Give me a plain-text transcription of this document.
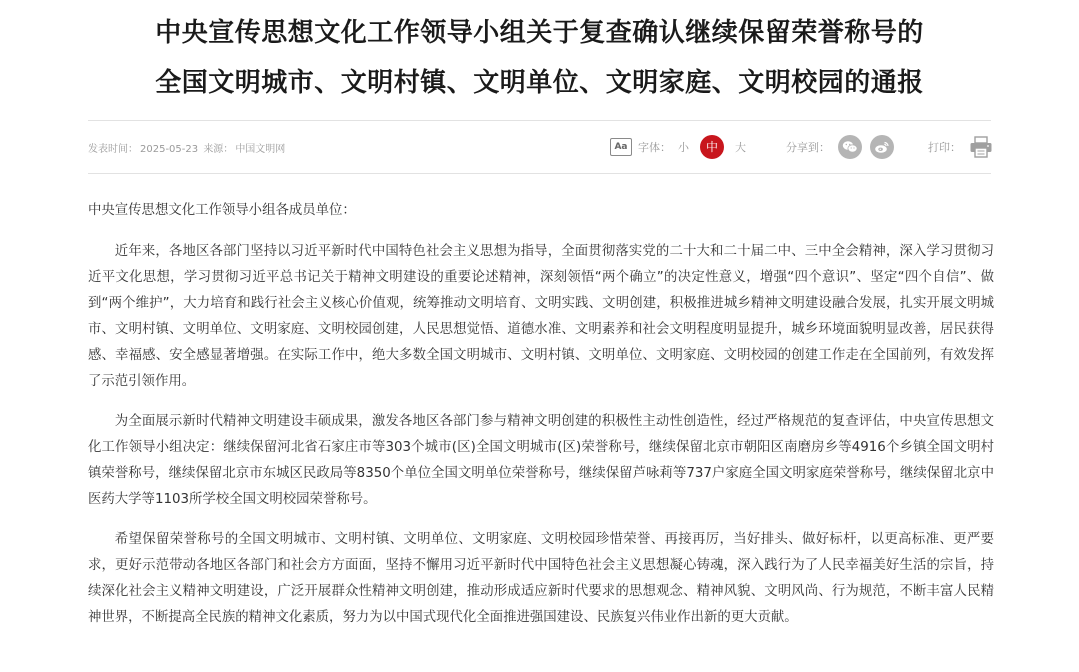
中央宣传思想文化工作领导小组关于复查确认继续保留荣誉称号的
全国文明城市、文明村镇、文明单位、文明家庭、文明校园的通报
发表时间： 2025-05-23 来源： 中国文明网	Aa 字体： 小	中	大	分享到：	打印：

中央宣传思想文化工作领导小组各成员单位：

近年来，各地区各部门坚持以习近平新时代中国特色社会主义思想为指导，全面贯彻落实党的二十大和二十届二中、三中全会精神，深入学习贯彻习近平文化思想，学习贯彻习近平总书记关于精神文明建设的重要论述精神，深刻领悟“两个确立”的决定性意义，增强“四个意识”、坚定“四个自信”、做到“两个维护”，大力培育和践行社会主义核心价值观，统筹推动文明培育、文明实践、文明创建，积极推进城乡精神文明建设融合发展，扎实开展文明城市、文明村镇、文明单位、文明家庭、文明校园创建，人民思想觉悟、道德水准、文明素养和社会文明程度明显提升，城乡环境面貌明显改善，居民获得感、幸福感、安全感显著增强。在实际工作中，绝大多数全国文明城市、文明村镇、文明单位、文明家庭、文明校园的创建工作走在全国前列，有效发挥了示范引领作用。

为全面展示新时代精神文明建设丰硕成果，激发各地区各部门参与精神文明创建的积极性主动性创造性，经过严格规范的复查评估，中央宣传思想文化工作领导小组决定：继续保留河北省石家庄市等303个城市(区)全国文明城市(区)荣誉称号，继续保留北京市朝阳区南磨房乡等4916个乡镇全国文明村镇荣誉称号，继续保留北京市东城区民政局等8350个单位全国文明单位荣誉称号，继续保留芦咏莉等737户家庭全国文明家庭荣誉称号，继续保留北京中医药大学等1103所学校全国文明校园荣誉称号。

希望保留荣誉称号的全国文明城市、文明村镇、文明单位、文明家庭、文明校园珍惜荣誉、再接再厉，当好排头、做好标杆，以更高标准、更严要求，更好示范带动各地区各部门和社会方方面面，坚持不懈用习近平新时代中国特色社会主义思想凝心铸魂，深入践行为了人民幸福美好生活的宗旨，持续深化社会主义精神文明建设，广泛开展群众性精神文明创建，推动形成适应新时代要求的思想观念、精神风貌、文明风尚、行为规范，不断丰富人民精神世界，不断提高全民族的精神文化素质，努力为以中国式现代化全面推进强国建设、民族复兴伟业作出新的更大贡献。
